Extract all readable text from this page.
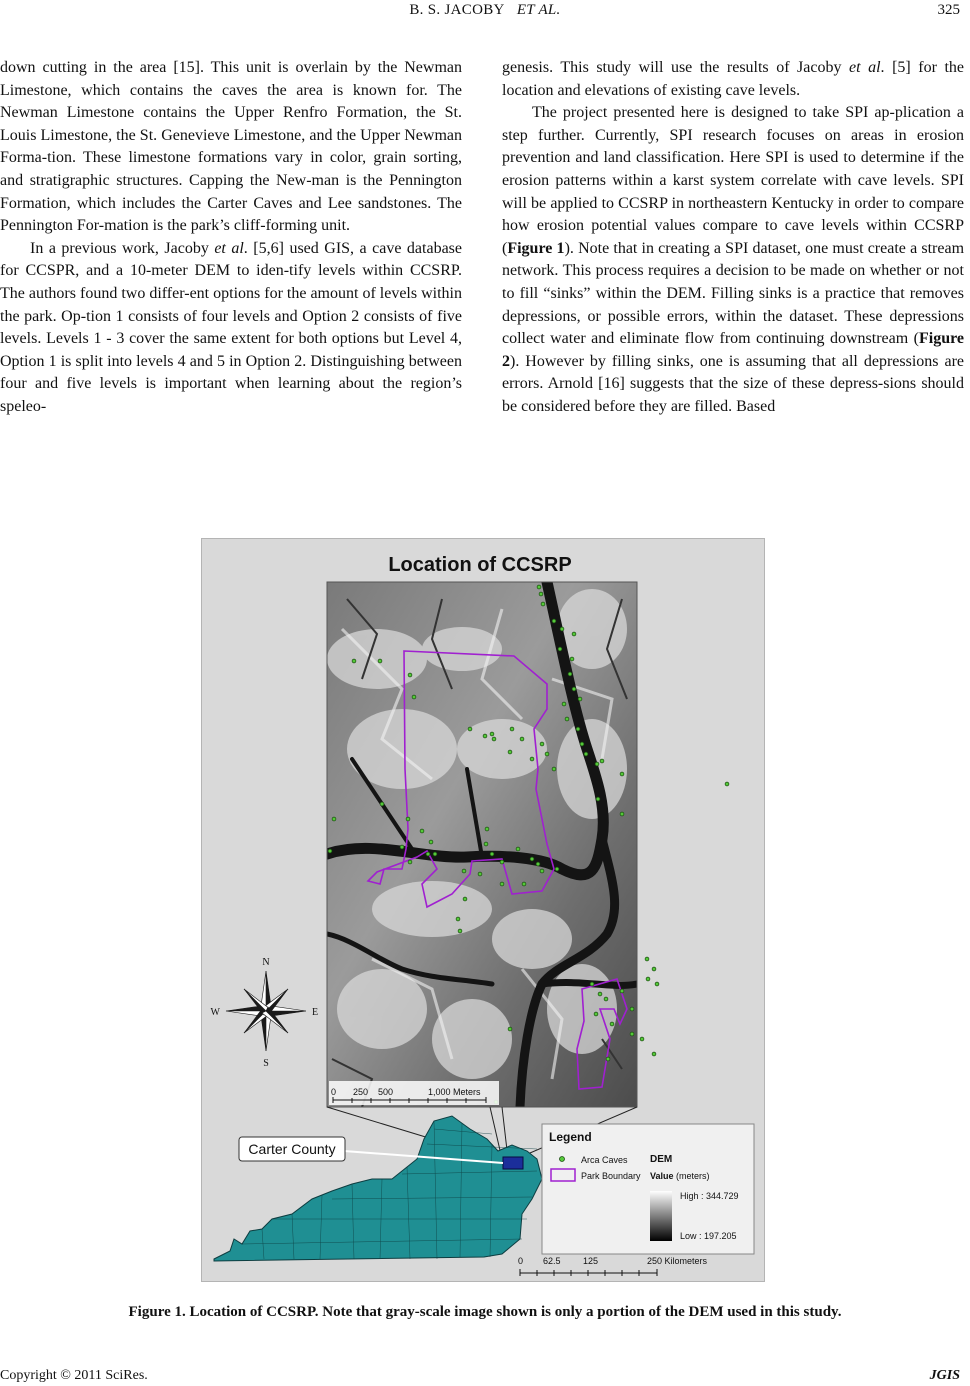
B. S. JACOBY ET AL.	325

down cutting in the area [15]. This unit is overlain by the Newman Limestone, which contains the caves the area is known for. The Newman Limestone contains the Upper Renfro Formation, the St. Louis Limestone, the St. Genevieve Limestone, and the Upper Newman Forma-tion. These limestone formations vary in color, grain sorting, and stratigraphic structures. Capping the New-man is the Pennington Formation, which includes the Carter Caves and Lee sandstones. The Pennington For-mation is the park’s cliff-forming unit.

In a previous work, Jacoby et al. [5,6] used GIS, a cave database for CCSPR, and a 10-meter DEM to iden-tify levels within CCSRP. The authors found two differ-ent options for the amount of levels within the park. Op-tion 1 consists of four levels and Option 2 consists of five levels. Levels 1 - 3 cover the same extent for both options but Level 4, Option 1 is split into levels 4 and 5 in Option 2. Distinguishing between four and five levels is important when learning about the region’s speleo-

genesis. This study will use the results of Jacoby et al. [5] for the location and elevations of existing cave levels.

The project presented here is designed to take SPI ap-plication a step further. Currently, SPI research focuses on areas in erosion prevention and land classification. Here SPI is used to determine if the erosion patterns within a karst system correlate with cave levels. SPI will be applied to CCSRP in northeastern Kentucky in order to compare how erosion potential values compare to cave levels within CCSRP (Figure 1). Note that in creating a SPI dataset, one must create a stream network. This process requires a decision to be made on whether or not to fill “sinks” within the DEM. Filling sinks is a practice that removes depressions, or possible errors, within the dataset. These depressions collect water and eliminate flow from continuing downstream (Figure 2). However by filling sinks, one is assuming that all depressions are errors. Arnold [16] suggests that the size of these depress-sions should be considered before they are filled. Based

Location of CCSRP
0 250 500	1,000 Meters
N
S
E
W
Carter County
Legend
Arca Caves
Park Boundary
DEM
Value (meters)
High : 344.729
Low : 197.205
0 62.5 125	250 Kilometers
Figure 1. Location of CCSRP. Note that gray-scale image shown is only a portion of the DEM used in this study.
Copyright © 2011 SciRes.	JGIS
